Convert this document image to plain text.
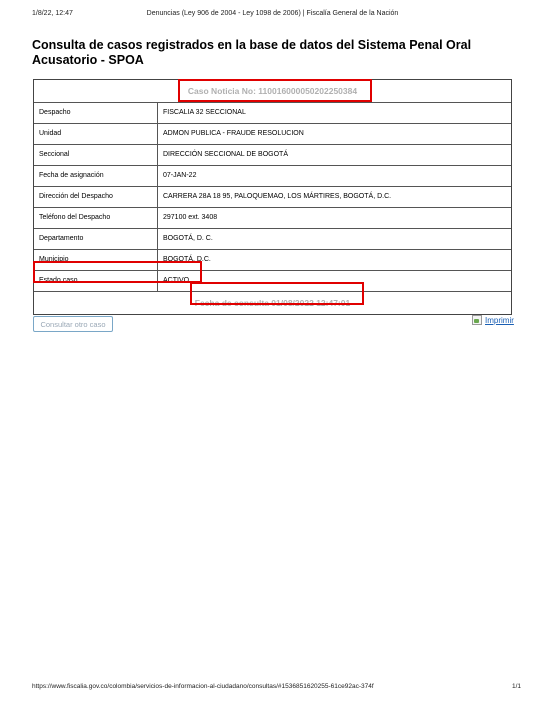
1/8/22, 12:47	Denuncias (Ley 906 de 2004 - Ley 1098 de 2006) | Fiscalía General de la Nación
Consulta de casos registrados en la base de datos del Sistema Penal Oral Acusatorio - SPOA
Caso Noticia No: 110016000050202250384
Despacho	FISCALIA 32 SECCIONAL
Unidad	ADMON PUBLICA - FRAUDE RESOLUCION
Seccional	DIRECCIÓN SECCIONAL DE BOGOTÁ
Fecha de asignación	07-JAN-22
Dirección del Despacho	CARRERA 28A 18 95, PALOQUEMAO, LOS MÁRTIRES, BOGOTÁ, D.C.
Teléfono del Despacho	297100 ext. 3408
Departamento	BOGOTÁ, D. C.
Municipio	BOGOTÁ, D.C.
Estado caso	ACTIVO
Fecha de consulta 01/08/2022 12:47:01
Consultar otro caso	Imprimir
https://www.fiscalia.gov.co/colombia/servicios-de-informacion-al-ciudadano/consultas/#1536851620255-61ce92ac-374f	1/1
